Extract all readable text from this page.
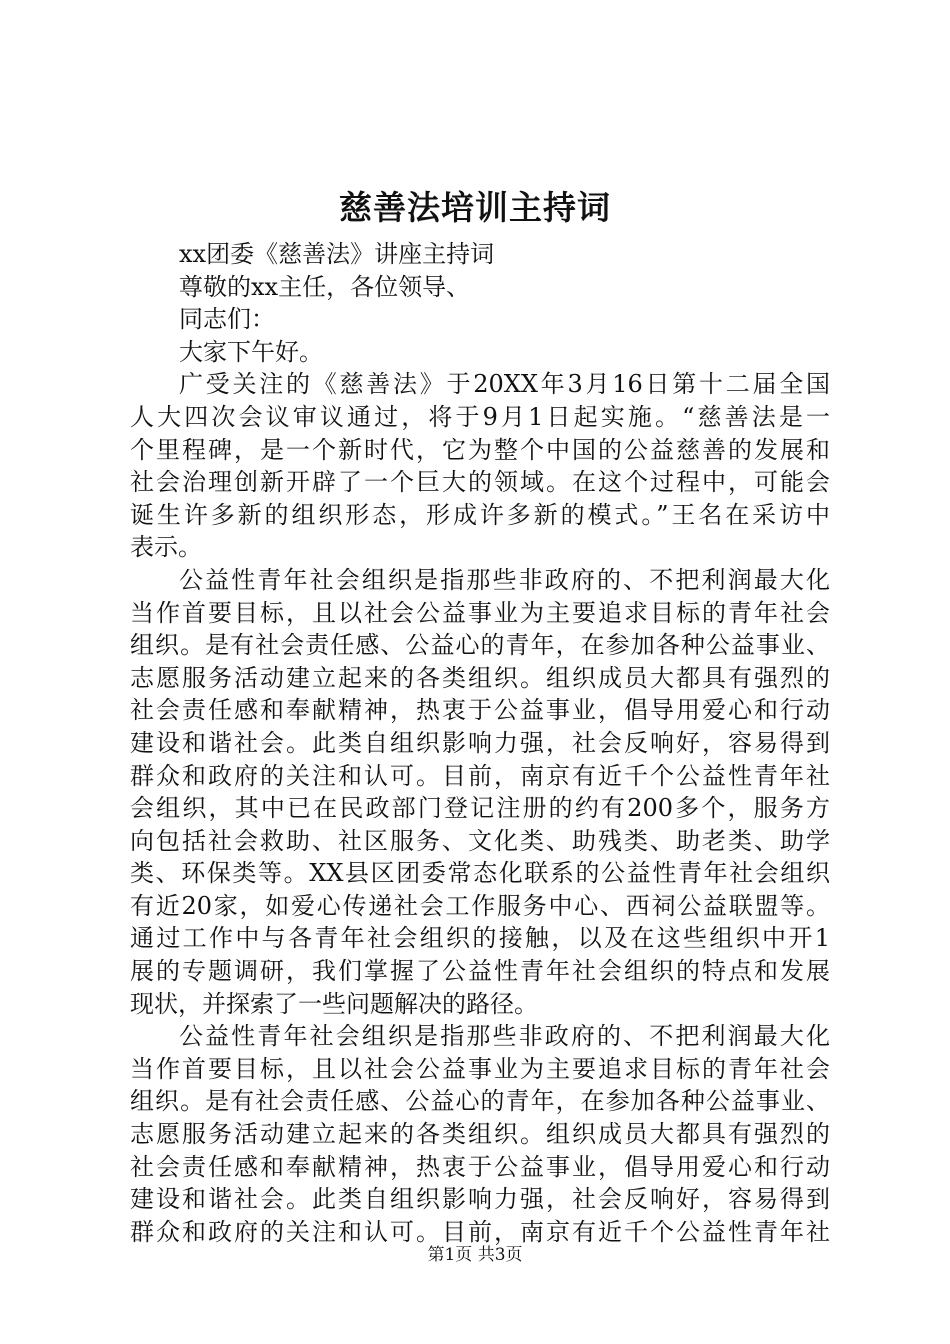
慈善法培训主持词
xx团委《慈善法》讲座主持词
尊敬的xx主任，各位领导、
同志们：
大家下午好。
广受关注的《慈善法》于20XX年3月16日第十二届全国
人大四次会议审议通过，将于9月1日起实施。“慈善法是一
个里程碑，是一个新时代，它为整个中国的公益慈善的发展和
社会治理创新开辟了一个巨大的领域。在这个过程中，可能会
诞生许多新的组织形态，形成许多新的模式。”王名在采访中
表示。
公益性青年社会组织是指那些非政府的、不把利润最大化
当作首要目标，且以社会公益事业为主要追求目标的青年社会
组织。是有社会责任感、公益心的青年，在参加各种公益事业、
志愿服务活动建立起来的各类组织。组织成员大都具有强烈的
社会责任感和奉献精神，热衷于公益事业，倡导用爱心和行动
建设和谐社会。此类自组织影响力强，社会反响好，容易得到
群众和政府的关注和认可。目前，南京有近千个公益性青年社
会组织，其中已在民政部门登记注册的约有200多个，服务方
向包括社会救助、社区服务、文化类、助残类、助老类、助学
类、环保类等。XX县区团委常态化联系的公益性青年社会组织
有近20家，如爱心传递社会工作服务中心、西祠公益联盟等。
通过工作中与各青年社会组织的接触，以及在这些组织中开1
展的专题调研，我们掌握了公益性青年社会组织的特点和发展
现状，并探索了一些问题解决的路径。
公益性青年社会组织是指那些非政府的、不把利润最大化
当作首要目标，且以社会公益事业为主要追求目标的青年社会
组织。是有社会责任感、公益心的青年，在参加各种公益事业、
志愿服务活动建立起来的各类组织。组织成员大都具有强烈的
社会责任感和奉献精神，热衷于公益事业，倡导用爱心和行动
建设和谐社会。此类自组织影响力强，社会反响好，容易得到
群众和政府的关注和认可。目前，南京有近千个公益性青年社
第1页 共3页
